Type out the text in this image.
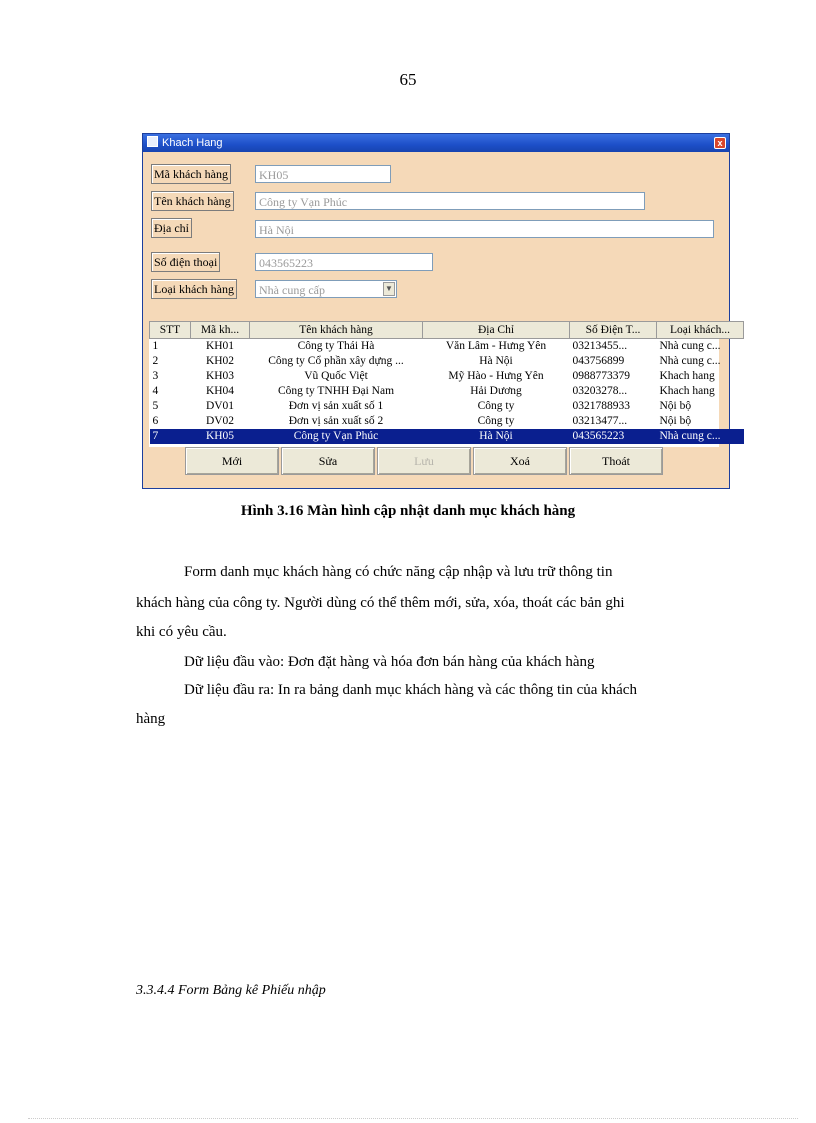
65
Khach Hang	x
Mã khách hàng	KH05
Tên khách hàng	Công ty Vạn Phúc
Địa chỉ	Hà Nội
Số điện thoại	043565223
Loại khách hàng	Nhà cung cấp	▼
STT	Mã kh...	Tên khách hàng	Địa Chỉ	Số Điện T...	Loại khách...
1	KH01	Công ty Thái Hà	Văn Lâm - Hưng Yên	03213455...	Nhà cung c...
2	KH02	Công ty Cổ phần xây dựng ...	Hà Nội	043756899	Nhà cung c...
3	KH03	Vũ Quốc Việt	Mỹ Hào - Hưng Yên	0988773379	Khach hang
4	KH04	Công ty TNHH Đại Nam	Hải Dương	03203278...	Khach hang
5	DV01	Đơn vị sản xuất số 1	Công ty	0321788933	Nội bộ
6	DV02	Đơn vị sản xuất số 2	Công ty	03213477...	Nội bộ
7	KH05	Công ty Vạn Phúc	Hà Nội	043565223	Nhà cung c...
Mới	Sửa	Lưu	Xoá	Thoát
Hình 3.16 Màn hình cập nhật danh mục khách hàng
Form danh mục khách hàng có chức năng cập nhập và lưu trữ thông tin
khách hàng của công ty. Người dùng có thể thêm mới, sửa, xóa, thoát các bản ghi
khi có yêu cầu.
Dữ liệu đầu vào: Đơn đặt hàng và hóa đơn bán hàng của khách hàng
Dữ liệu đầu ra: In ra bảng danh mục khách hàng và các thông tin của khách
hàng
3.3.4.4 Form Bảng kê Phiếu nhập
